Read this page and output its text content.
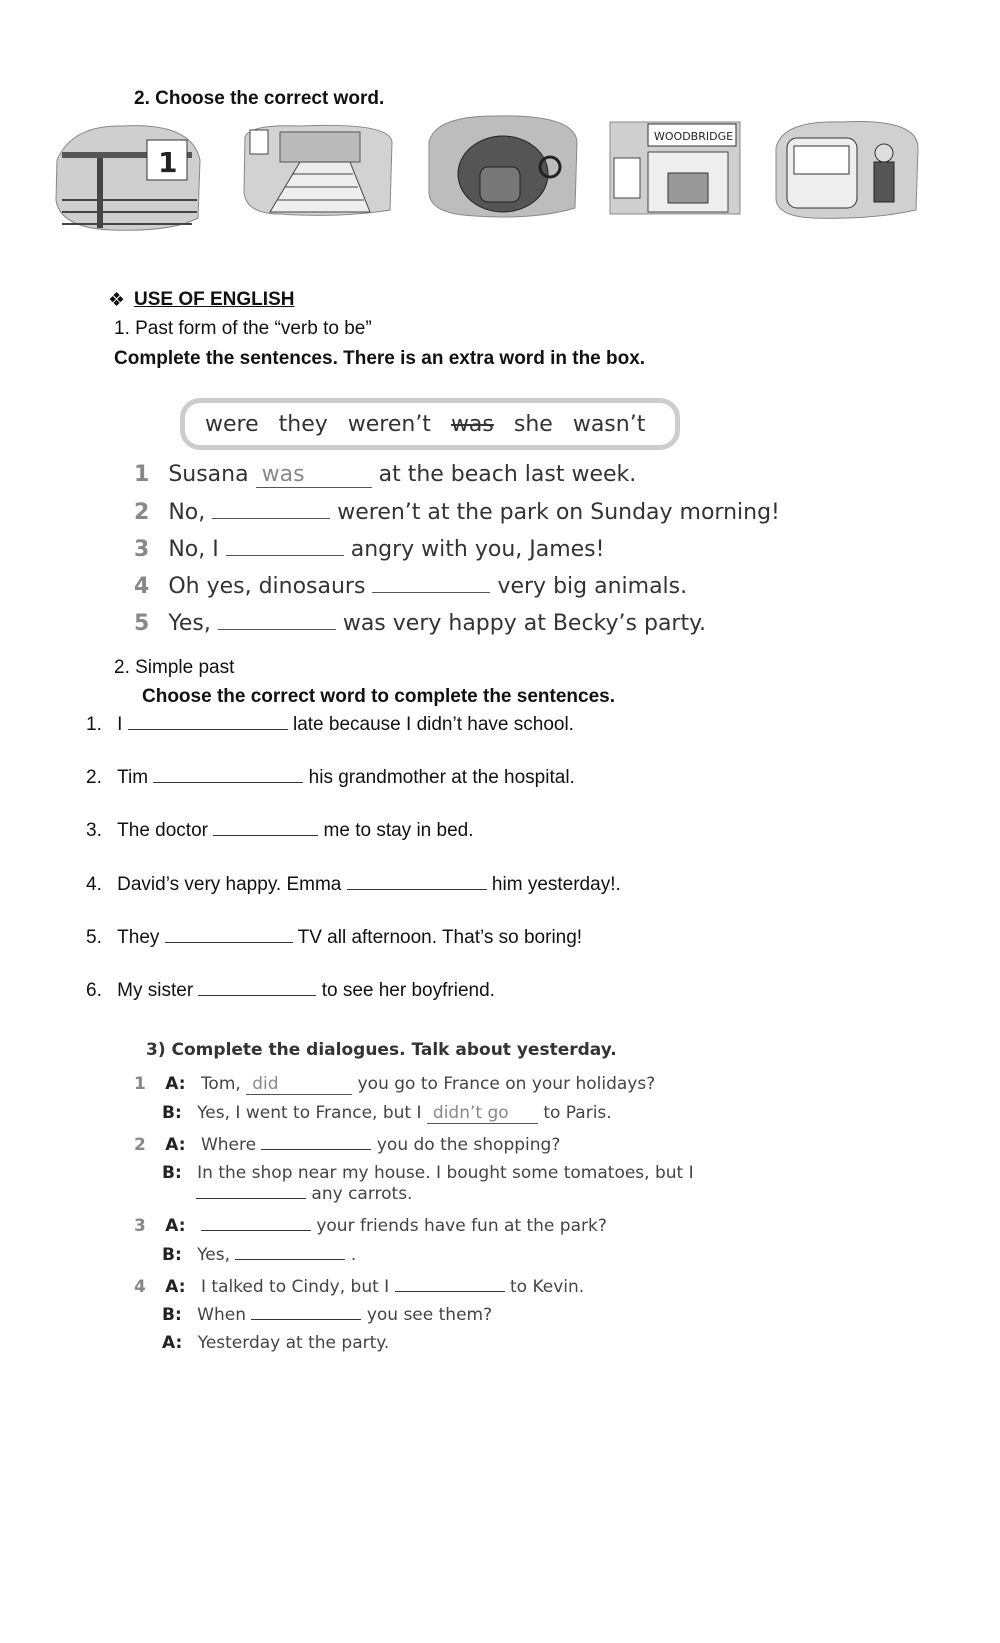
2. Choose the correct word.
1
WOODBRIDGE
❖ USE OF ENGLISH
1. Past form of the “verb to be”
Complete the sentences. There is an extra word in the box.
were they weren’t was she wasn’t
1 Susana was	at the beach last week.
2 No,	weren’t at the park on Sunday morning!
3 No, I	angry with you, James!
4 Oh yes, dinosaurs	very big animals.
5 Yes,	was very happy at Becky’s party.
2. Simple past
Choose the correct word to complete the sentences.
1. I	late because I didn’t have school.
2. Tim	his grandmother at the hospital.
3. The doctor	me to stay in bed.
4. David’s very happy. Emma	him yesterday!.
5. They	TV all afternoon. That’s so boring!
6. My sister	to see her boyfriend.
3) Complete the dialogues. Talk about yesterday.
1 A: Tom, did	you go to France on your holidays?
B: Yes, I went to France, but I didn’t go to Paris.
2 A: Where	you do the shopping?
B: In the shop near my house. I bought some tomatoes, but I
any carrots.
3 A:	your friends have fun at the park?
B: Yes,	.
4 A: I talked to Cindy, but I	to Kevin.
B: When	you see them?
A: Yesterday at the party.
